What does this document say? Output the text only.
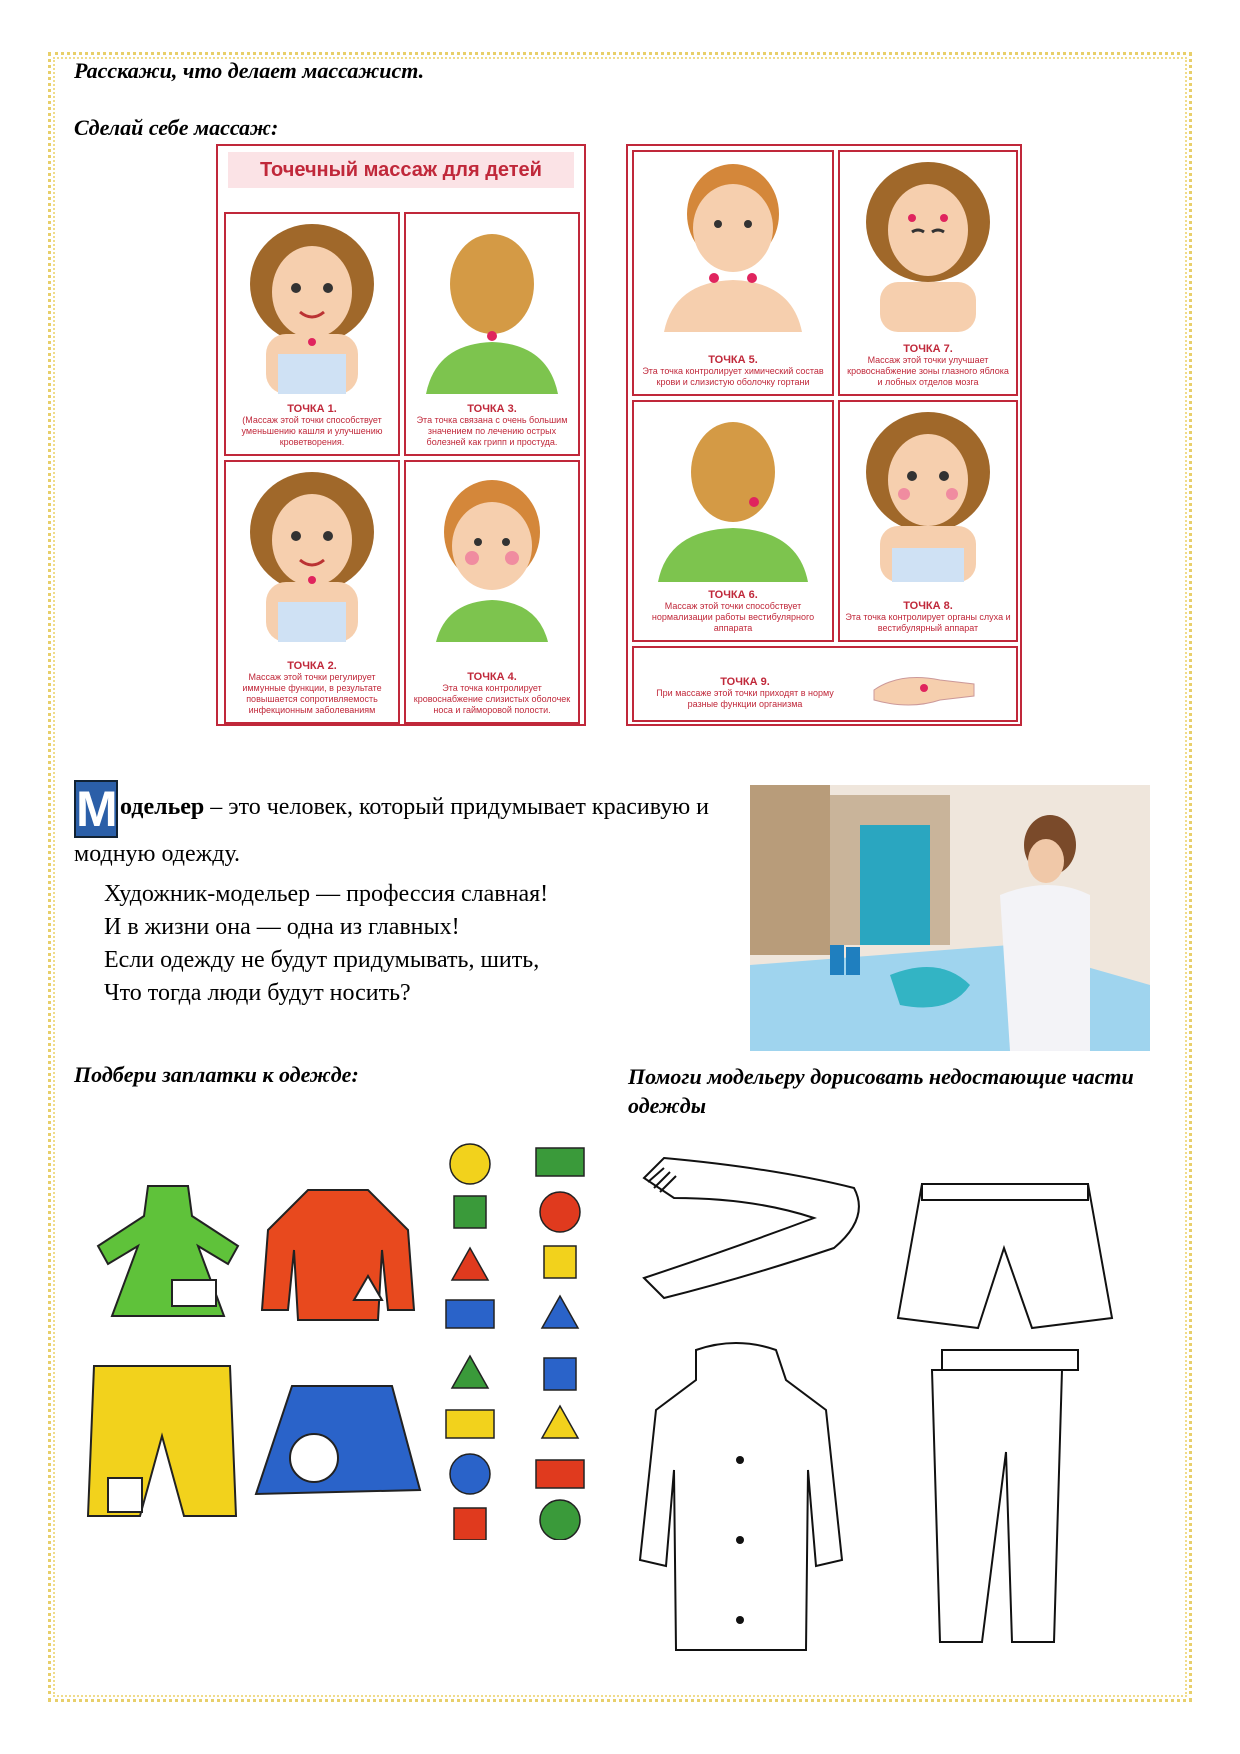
Расскажи, что делает массажист.
Сделай себе массаж:
Точечный массаж для детей
ТОЧКА 1.
(Массаж этой точки способствует уменьшению кашля и улучшению кроветворения.
ТОЧКА 3.
Эта точка связана с очень большим значением по лечению острых болезней как грипп и простуда.
ТОЧКА 2.
Массаж этой точки регулирует иммунные функции, в результате повышается сопротивляемость инфекционным заболеваниям
ТОЧКА 4.
Эта точка контролирует кровоснабжение слизистых оболочек носа и гайморовой полости.
ТОЧКА 5.
Эта точка контролирует химический состав крови и слизистую оболочку гортани
ТОЧКА 7.
Массаж этой точки улучшает кровоснабжение зоны глазного яблока и лобных отделов мозга
ТОЧКА 6.
Массаж этой точки способствует нормализации работы вестибулярного аппарата
ТОЧКА 8.
Эта точка контролирует органы слуха и вестибулярный аппарат
ТОЧКА 9.
При массаже этой точки приходят в норму разные функции организма
Модельер – это человек, который придумывает красивую и модную одежду.
Художник-модельер — профессия славная!
И в жизни она — одна из главных!
Если одежду не будут придумывать, шить,
Что тогда люди будут носить?
Подбери заплатки к одежде:	Помоги модельеру дорисовать недостающие части одежды
